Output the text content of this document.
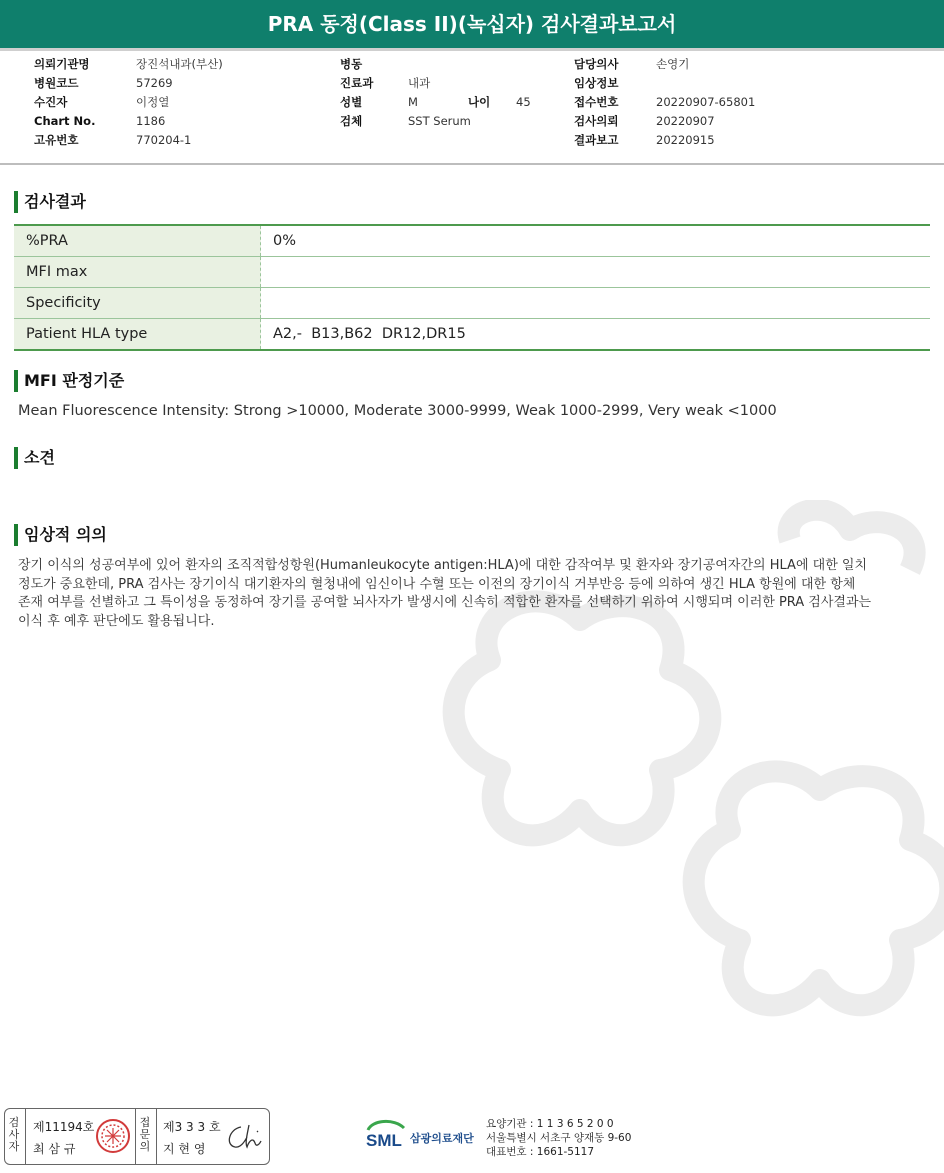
PRA 동정(Class II)(녹십자) 검사결과보고서
의뢰기관명	장진석내과(부산)
병원코드	57269
수진자	이정열
Chart No.	1186
고유번호	770204-1
병동
진료과	내과
성별	M	나이	45
검체	SST Serum
담당의사	손영기
임상정보
접수번호	20220907-65801
검사의뢰	20220907
결과보고	20220915
검사결과
%PRA	0%
MFI max	
Specificity	
Patient HLA type	A2,-  B13,B62  DR12,DR15
MFI 판정기준
Mean Fluorescence Intensity: Strong >10000, Moderate 3000-9999, Weak 1000-2999, Very weak <1000
소견
임상적 의의
장기 이식의 성공여부에 있어 환자의 조직적합성항원(Humanleukocyte antigen:HLA)에 대한 감작여부 및 환자와 장기공여자간의 HLA에 대한 일치
정도가 중요한데, PRA 검사는 장기이식 대기환자의 혈청내에 임신이나 수혈 또는 이전의 장기이식 거부반응 등에 의하여 생긴 HLA 항원에 대한 항체
존재 여부를 선별하고 그 특이성을 동정하여 장기를 공여할 뇌사자가 발생시에 신속히 적합한 환자를 선택하기 위하여 시행되며 이러한 PRA 검사결과는
이식 후 예후 판단에도 활용됩니다.
검
사
자
제11194호
최 삼 규
접
문
의
제3 3 3 호
지 현 영	SML 삼광의료재단
요양기관 : 1 1 3 6 5 2 0 0
서울특별시 서초구 양재동 9-60
대표번호 : 1661-5117
